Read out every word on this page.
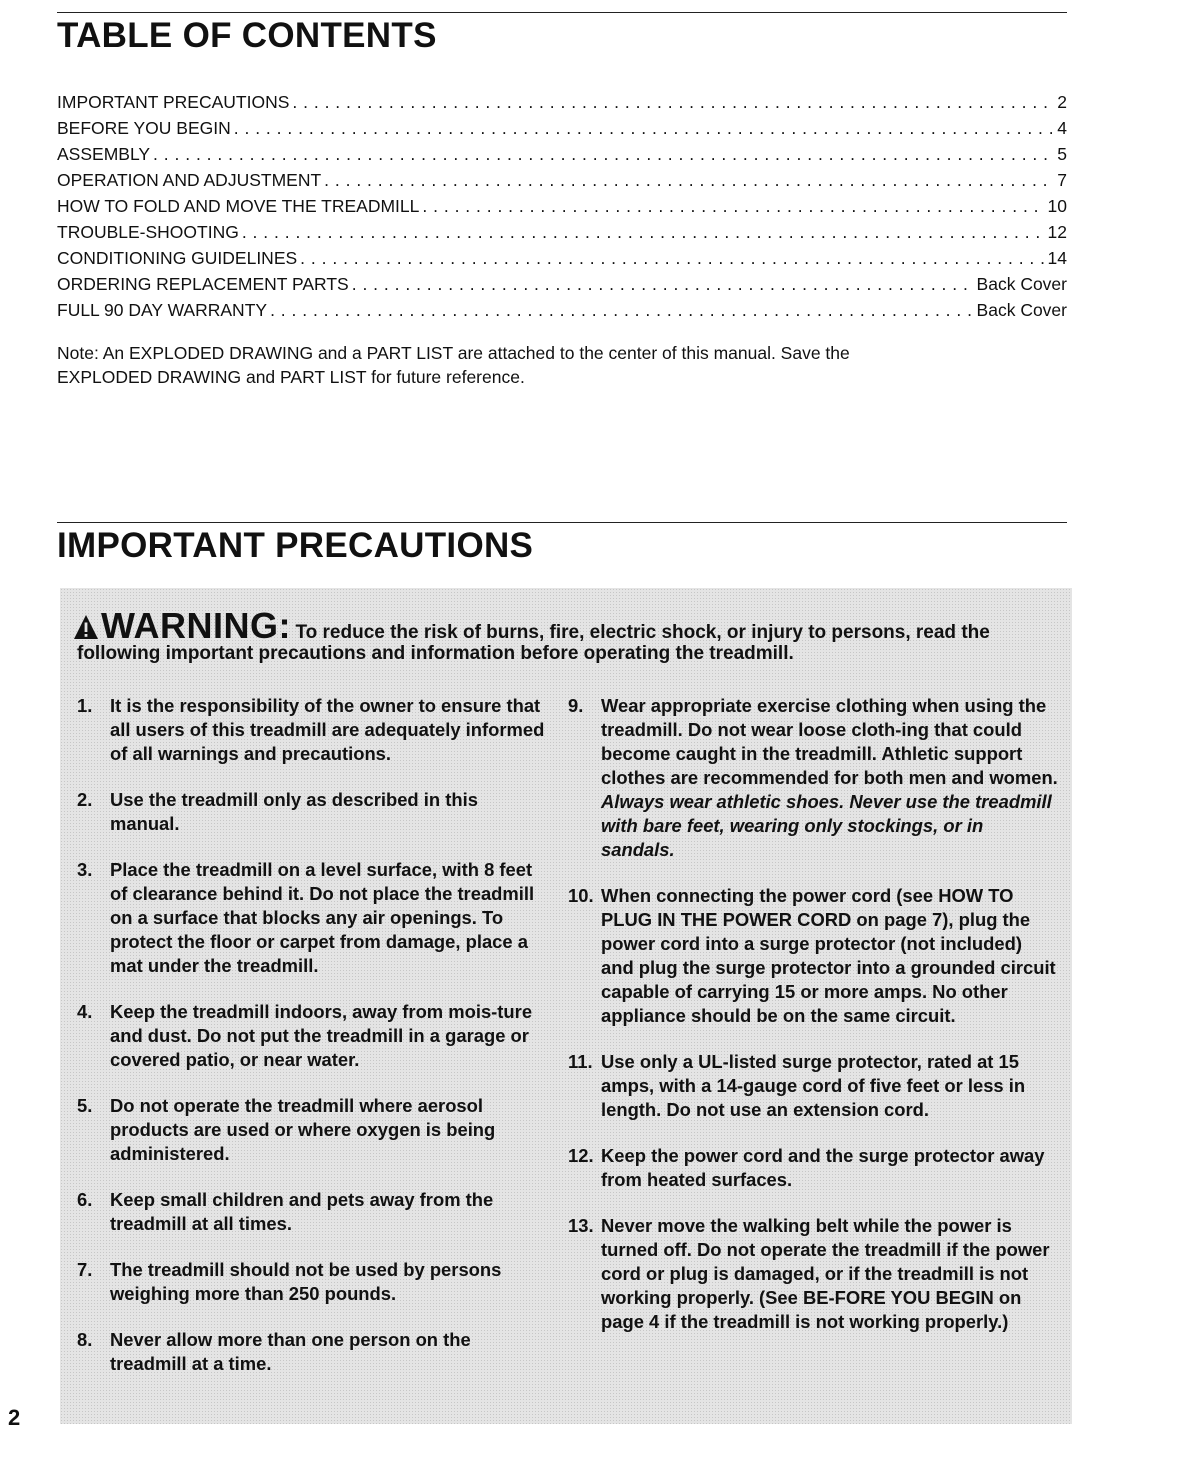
TABLE OF CONTENTS
IMPORTANT PRECAUTIONS . . .	2
BEFORE YOU BEGIN . . .	4
ASSEMBLY . . .	5
OPERATION AND ADJUSTMENT . . .	7
HOW TO FOLD AND MOVE THE TREADMILL . . .	10
TROUBLE-SHOOTING . . .	12
CONDITIONING GUIDELINES . . .	14
ORDERING REPLACEMENT PARTS . . .	Back Cover
FULL 90 DAY WARRANTY . . .	Back Cover
Note: An EXPLODED DRAWING and a PART LIST are attached to the center of this manual. Save the
EXPLODED DRAWING and PART LIST for future reference.
IMPORTANT PRECAUTIONS
WARNING: To reduce the risk of burns, fire, electric shock, or injury to persons, read the
following important precautions and information before operating the treadmill.
1. It is the responsibility of the owner to ensure that all users of this treadmill are adequately informed of all warnings and precautions.

2. Use the treadmill only as described in this manual.

3. Place the treadmill on a level surface, with 8 feet of clearance behind it. Do not place the treadmill on a surface that blocks any air openings. To protect the floor or carpet from damage, place a mat under the treadmill.

4. Keep the treadmill indoors, away from mois-ture and dust. Do not put the treadmill in a garage or covered patio, or near water.

5. Do not operate the treadmill where aerosol products are used or where oxygen is being administered.

6. Keep small children and pets away from the treadmill at all times.

7. The treadmill should not be used by persons weighing more than 250 pounds.

8. Never allow more than one person on the treadmill at a time.

9. Wear appropriate exercise clothing when using the treadmill. Do not wear loose cloth-ing that could become caught in the treadmill. Athletic support clothes are recommended for both men and women. Always wear athletic shoes. Never use the treadmill with bare feet, wearing only stockings, or in sandals.

10. When connecting the power cord (see HOW TO PLUG IN THE POWER CORD on page 7), plug the power cord into a surge protector (not included) and plug the surge protector into a grounded circuit capable of carrying 15 or more amps. No other appliance should be on the same circuit.

11. Use only a UL-listed surge protector, rated at 15 amps, with a 14-gauge cord of five feet or less in length. Do not use an extension cord.

12. Keep the power cord and the surge protector away from heated surfaces.

13. Never move the walking belt while the power is turned off. Do not operate the treadmill if the power cord or plug is damaged, or if the treadmill is not working properly. (See BE-FORE YOU BEGIN on page 4 if the treadmill is not working properly.)

2
